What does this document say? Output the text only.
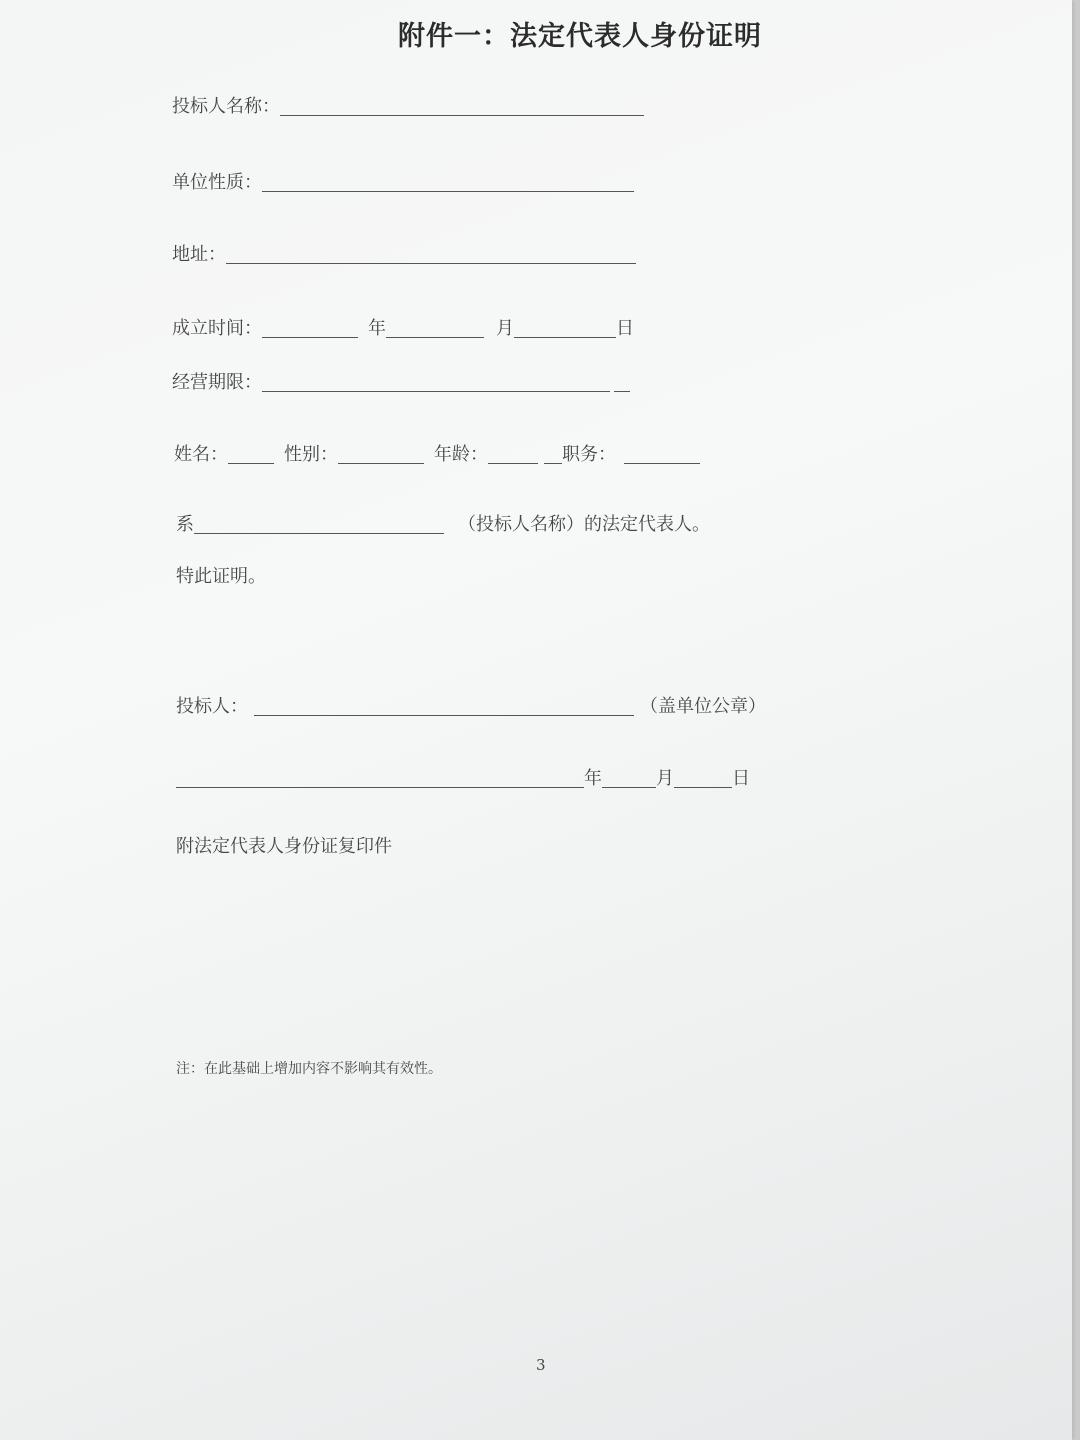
附件一：法定代表人身份证明
投标人名称：
单位性质：
地址：
成立时间：	年	月	日
经营期限：
姓名：	性别：	年龄：	职务：
系	（投标人名称）的法定代表人。
特此证明。
投标人：	（盖单位公章）
年	月	日
附法定代表人身份证复印件
注：在此基础上增加内容不影响其有效性。
3
